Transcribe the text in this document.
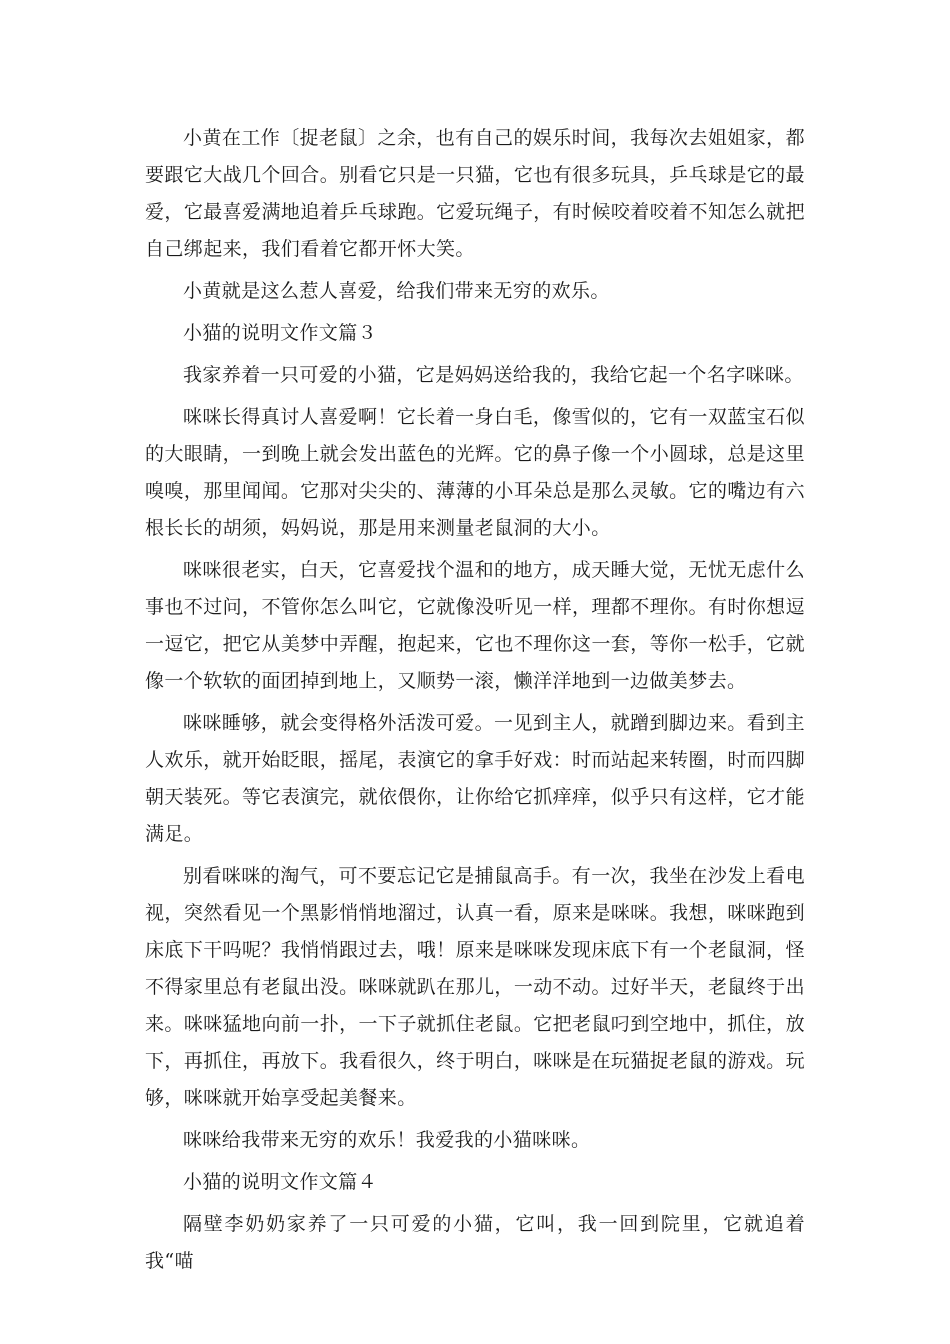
小黄在工作〔捉老鼠〕之余，也有自己的娱乐时间，我每次去姐姐家，都要跟它大战几个回合。别看它只是一只猫，它也有很多玩具，乒乓球是它的最爱，它最喜爱满地追着乒乓球跑。它爱玩绳子，有时候咬着咬着不知怎么就把自己绑起来，我们看着它都开怀大笑。

小黄就是这么惹人喜爱，给我们带来无穷的欢乐。

小猫的说明文作文篇３

我家养着一只可爱的小猫，它是妈妈送给我的，我给它起一个名字咪咪。

咪咪长得真讨人喜爱啊！它长着一身白毛，像雪似的，它有一双蓝宝石似的大眼睛，一到晚上就会发出蓝色的光辉。它的鼻子像一个小圆球，总是这里嗅嗅，那里闻闻。它那对尖尖的、薄薄的小耳朵总是那么灵敏。它的嘴边有六根长长的胡须，妈妈说，那是用来测量老鼠洞的大小。

咪咪很老实，白天，它喜爱找个温和的地方，成天睡大觉，无忧无虑什么事也不过问，不管你怎么叫它，它就像没听见一样，理都不理你。有时你想逗一逗它，把它从美梦中弄醒，抱起来，它也不理你这一套，等你一松手，它就像一个软软的面团掉到地上，又顺势一滚，懒洋洋地到一边做美梦去。

咪咪睡够，就会变得格外活泼可爱。一见到主人，就蹭到脚边来。看到主人欢乐，就开始眨眼，摇尾，表演它的拿手好戏：时而站起来转圈，时而四脚朝天装死。等它表演完，就依偎你，让你给它抓痒痒，似乎只有这样，它才能满足。

别看咪咪的淘气，可不要忘记它是捕鼠高手。有一次，我坐在沙发上看电视，突然看见一个黑影悄悄地溜过，认真一看，原来是咪咪。我想，咪咪跑到床底下干吗呢？我悄悄跟过去，哦！原来是咪咪发现床底下有一个老鼠洞，怪不得家里总有老鼠出没。咪咪就趴在那儿，一动不动。过好半天，老鼠终于出来。咪咪猛地向前一扑，一下子就抓住老鼠。它把老鼠叼到空地中，抓住，放下，再抓住，再放下。我看很久，终于明白，咪咪是在玩猫捉老鼠的游戏。玩够，咪咪就开始享受起美餐来。

咪咪给我带来无穷的欢乐！我爱我的小猫咪咪。

小猫的说明文作文篇４

隔壁李奶奶家养了一只可爱的小猫，它叫，我一回到院里，它就追着我“喵
